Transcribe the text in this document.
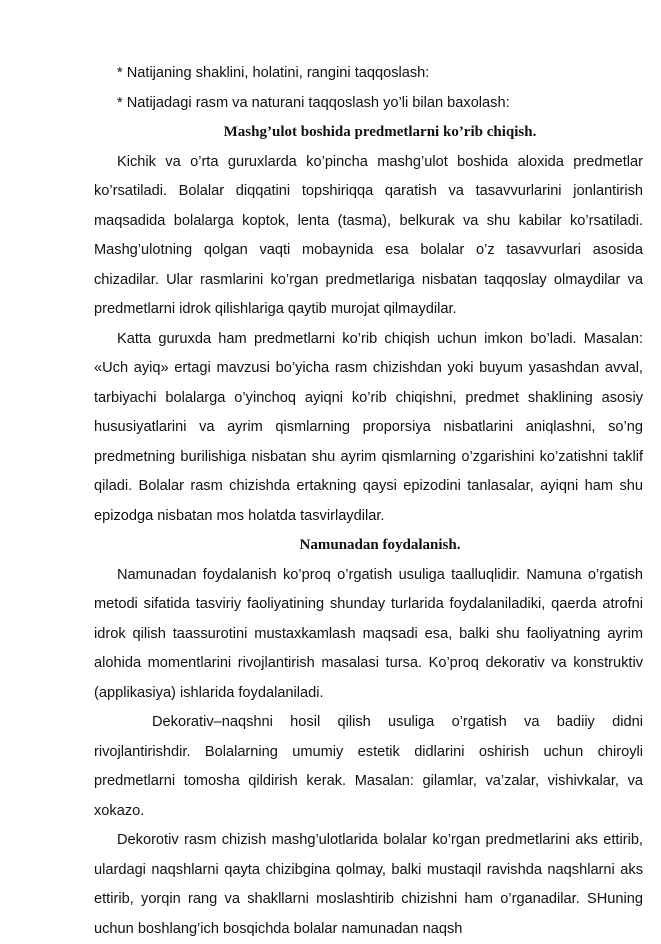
* Natijaning shaklini, holatini, rangini taqqoslash:

* Natijadagi rasm va naturani taqqoslash yo’li bilan baxolash:

Mashg’ulot boshida predmetlarni ko’rib chiqish.

Kichik va o’rta guruxlarda ko’pincha mashg’ulot boshida aloxida predmetlar ko’rsatiladi. Bolalar diqqatini topshiriqqa qaratish va tasavvurlarini jonlantirish maqsadida bolalarga koptok, lenta (tasma), belkurak va shu kabilar ko’rsatiladi. Mashg’ulotning qolgan vaqti mobaynida esa bolalar o’z tasavvurlari asosida chizadilar. Ular rasmlarini ko’rgan predmetlariga nisbatan taqqoslay olmaydilar va predmetlarni idrok qilishlariga qaytib murojat qilmaydilar.

Katta guruxda ham predmetlarni ko’rib chiqish uchun imkon bo’ladi. Masalan: «Uch ayiq» ertagi mavzusi bo’yicha rasm chizishdan yoki buyum yasashdan avval, tarbiyachi bolalarga o’yinchoq ayiqni ko’rib chiqishni, predmet shaklining asosiy hususiyatlarini va ayrim qismlarning proporsiya nisbatlarini aniqlashni, so’ng predmetning burilishiga nisbatan shu ayrim qismlarning o’zgarishini ko’zatishni taklif qiladi. Bolalar rasm chizishda ertakning qaysi epizodini tanlasalar, ayiqni ham shu epizodga nisbatan mos holatda tasvirlaydilar.

Namunadan foydalanish.

Namunadan foydalanish ko’proq o’rgatish usuliga taalluqlidir. Namuna o’rgatish metodi sifatida tasviriy faoliyatining shunday turlarida foydalaniladiki, qaerda atrofni idrok qilish taassurotini mustaxkamlash maqsadi esa, balki shu faoliyatning ayrim alohida momentlarini rivojlantirish masalasi tursa. Ko’proq dekorativ va konstruktiv (applikasiya) ishlarida foydalaniladi.

Dekorativ–naqshni hosil qilish usuliga o’rgatish va badiiy didni rivojlantirishdir. Bolalarning umumiy estetik didlarini oshirish uchun chiroyli predmetlarni tomosha qildirish kerak. Masalan: gilamlar, va’zalar, vishivkalar, va xokazo.

Dekorotiv rasm chizish mashg’ulotlarida bolalar ko’rgan predmetlarini aks ettirib, ulardagi naqshlarni qayta chizibgina qolmay, balki mustaqil ravishda naqshlarni aks ettirib, yorqin rang va shakllarni moslashtirib chizishni ham o’rganadilar. SHuning uchun boshlang’ich bosqichda bolalar namunadan naqsh
